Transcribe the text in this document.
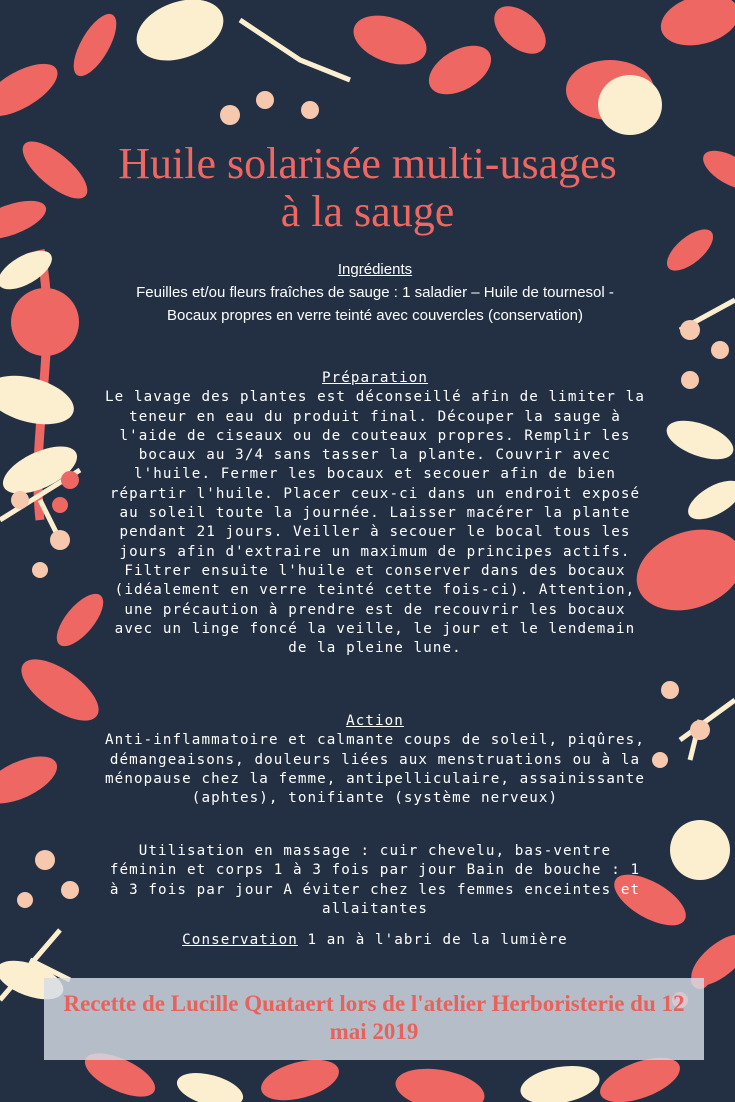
Huile solarisée multi-usages à la sauge
Ingrédients
Feuilles et/ou fleurs fraîches de sauge : 1 saladier – Huile de tournesol - Bocaux propres en verre teinté avec couvercles (conservation)
Préparation
Le lavage des plantes est déconseillé afin de limiter la teneur en eau du produit final. Découper la sauge à l'aide de ciseaux ou de couteaux propres. Remplir les bocaux au 3/4 sans tasser la plante. Couvrir avec l'huile. Fermer les bocaux et secouer afin de bien répartir l'huile. Placer ceux-ci dans un endroit exposé au soleil toute la journée. Laisser macérer la plante pendant 21 jours. Veiller à secouer le bocal tous les jours afin d'extraire un maximum de principes actifs. Filtrer ensuite l'huile et conserver dans des bocaux (idéalement en verre teinté cette fois-ci). Attention, une précaution à prendre est de recouvrir les bocaux avec un linge foncé la veille, le jour et le lendemain de la pleine lune.
Action
Anti-inflammatoire et calmante coups de soleil, piqûres, démangeaisons, douleurs liées aux menstruations ou à la ménopause chez la femme, antipelliculaire, assainissante (aphtes), tonifiante (système nerveux)
Utilisation en massage : cuir chevelu, bas-ventre féminin et corps 1 à 3 fois par jour Bain de bouche : 1 à 3 fois par jour A éviter chez les femmes enceintes et allaitantes
Conservation 1 an à l'abri de la lumière
Recette de Lucille Quataert lors de l'atelier Herboristerie du 12 mai 2019
